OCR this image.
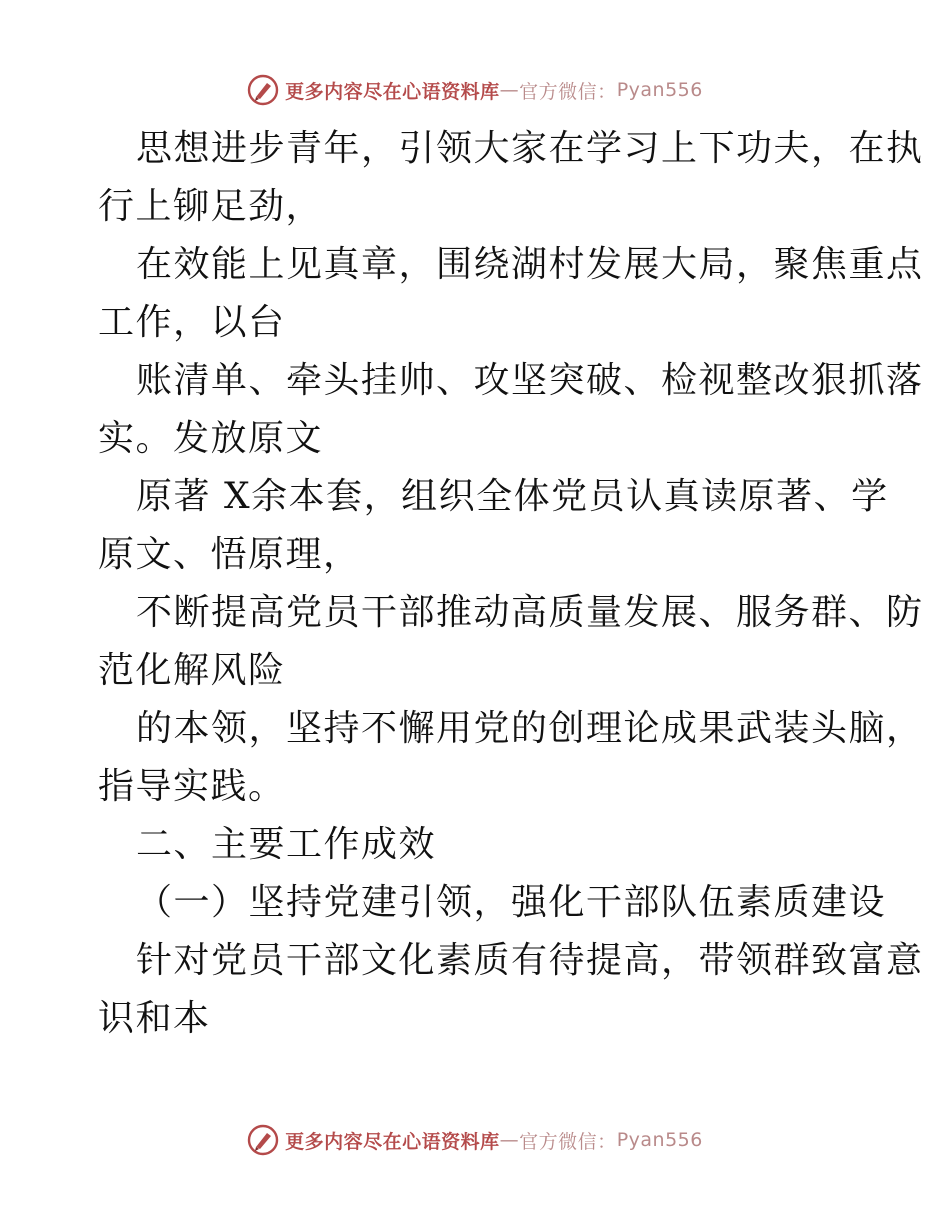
更多内容尽在心语资料库 — 官方微信： Pyan556
思想进步青年，引领大家在学习上下功夫，在执
行上铆足劲，
在效能上见真章，围绕湖村发展大局，聚焦重点
工作，以台
账清单、牵头挂帅、攻坚突破、检视整改狠抓落
实。发放原文
原著 X余本套，组织全体党员认真读原著、学
原文、悟原理，
不断提高党员干部推动高质量发展、服务群、防
范化解风险
的本领，坚持不懈用党的创理论成果武装头脑，
指导实践。
二、主要工作成效
（一）坚持党建引领，强化干部队伍素质建设
针对党员干部文化素质有待提高，带领群致富意
识和本
更多内容尽在心语资料库 — 官方微信： Pyan556
